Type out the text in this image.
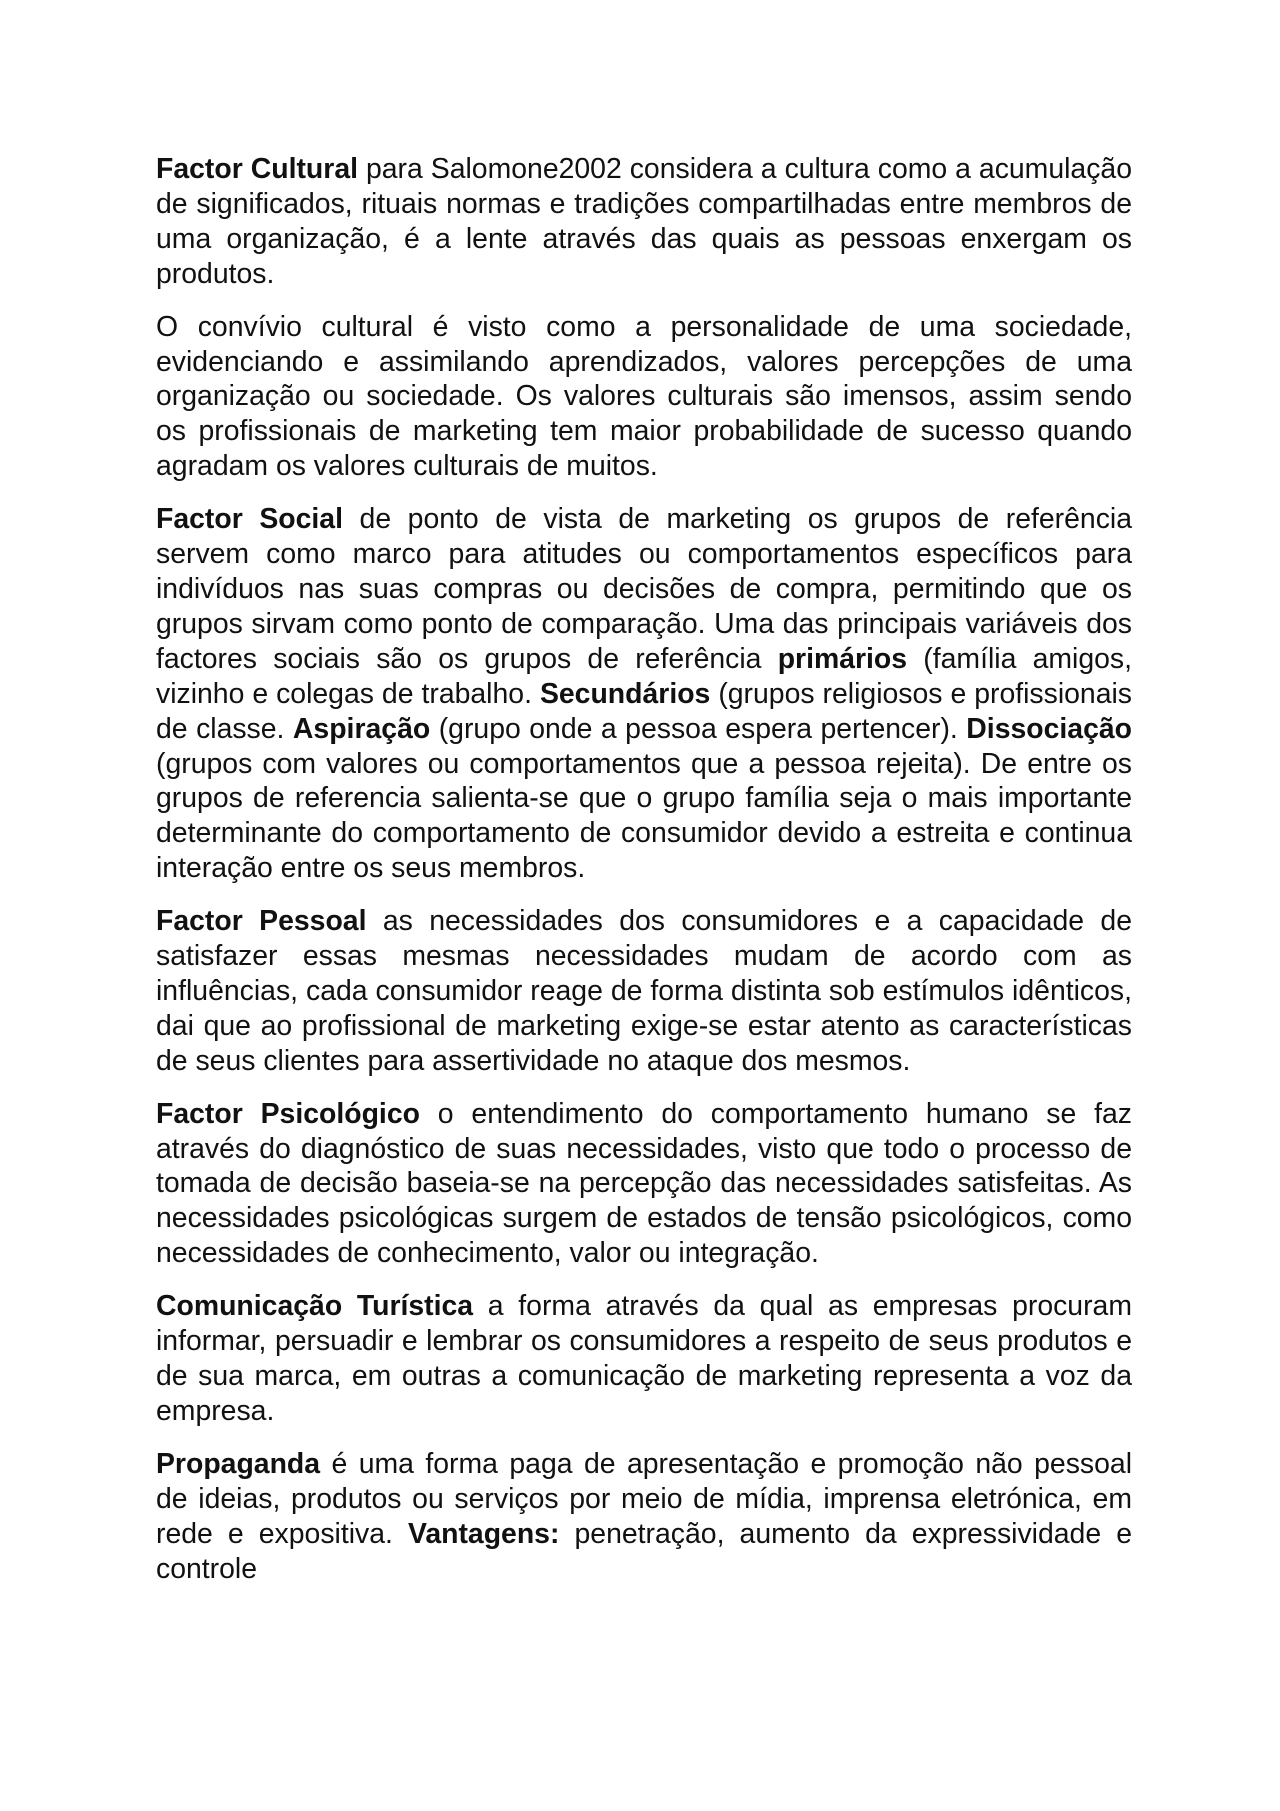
Factor Cultural para Salomone2002 considera a cultura como a acumulação de significados, rituais normas e tradições compartilhadas entre membros de uma organização, é a lente através das quais as pessoas enxergam os produtos.

O convívio cultural é visto como a personalidade de uma sociedade, evidenciando e assimilando aprendizados, valores percepções de uma organização ou sociedade. Os valores culturais são imensos, assim sendo os profissionais de marketing tem maior probabilidade de sucesso quando agradam os valores culturais de muitos.

Factor Social de ponto de vista de marketing os grupos de referência servem como marco para atitudes ou comportamentos específicos para indivíduos nas suas compras ou decisões de compra, permitindo que os grupos sirvam como ponto de comparação. Uma das principais variáveis dos factores sociais são os grupos de referência primários (família amigos, vizinho e colegas de trabalho. Secundários (grupos religiosos e profissionais de classe. Aspiração (grupo onde a pessoa espera pertencer). Dissociação (grupos com valores ou comportamentos que a pessoa rejeita). De entre os grupos de referencia salienta-se que o grupo família seja o mais importante determinante do comportamento de consumidor devido a estreita e continua interação entre os seus membros.

Factor Pessoal as necessidades dos consumidores e a capacidade de satisfazer essas mesmas necessidades mudam de acordo com as influências, cada consumidor reage de forma distinta sob estímulos idênticos, dai que ao profissional de marketing exige-se estar atento as características de seus clientes para assertividade no ataque dos mesmos.

Factor Psicológico o entendimento do comportamento humano se faz através do diagnóstico de suas necessidades, visto que todo o processo de tomada de decisão baseia-se na percepção das necessidades satisfeitas. As necessidades psicológicas surgem de estados de tensão psicológicos, como necessidades de conhecimento, valor ou integração.

Comunicação Turística a forma através da qual as empresas procuram informar, persuadir e lembrar os consumidores a respeito de seus produtos e de sua marca, em outras a comunicação de marketing representa a voz da empresa.

Propaganda é uma forma paga de apresentação e promoção não pessoal de ideias, produtos ou serviços por meio de mídia, imprensa eletrónica, em rede e expositiva. Vantagens: penetração, aumento da expressividade e controle
